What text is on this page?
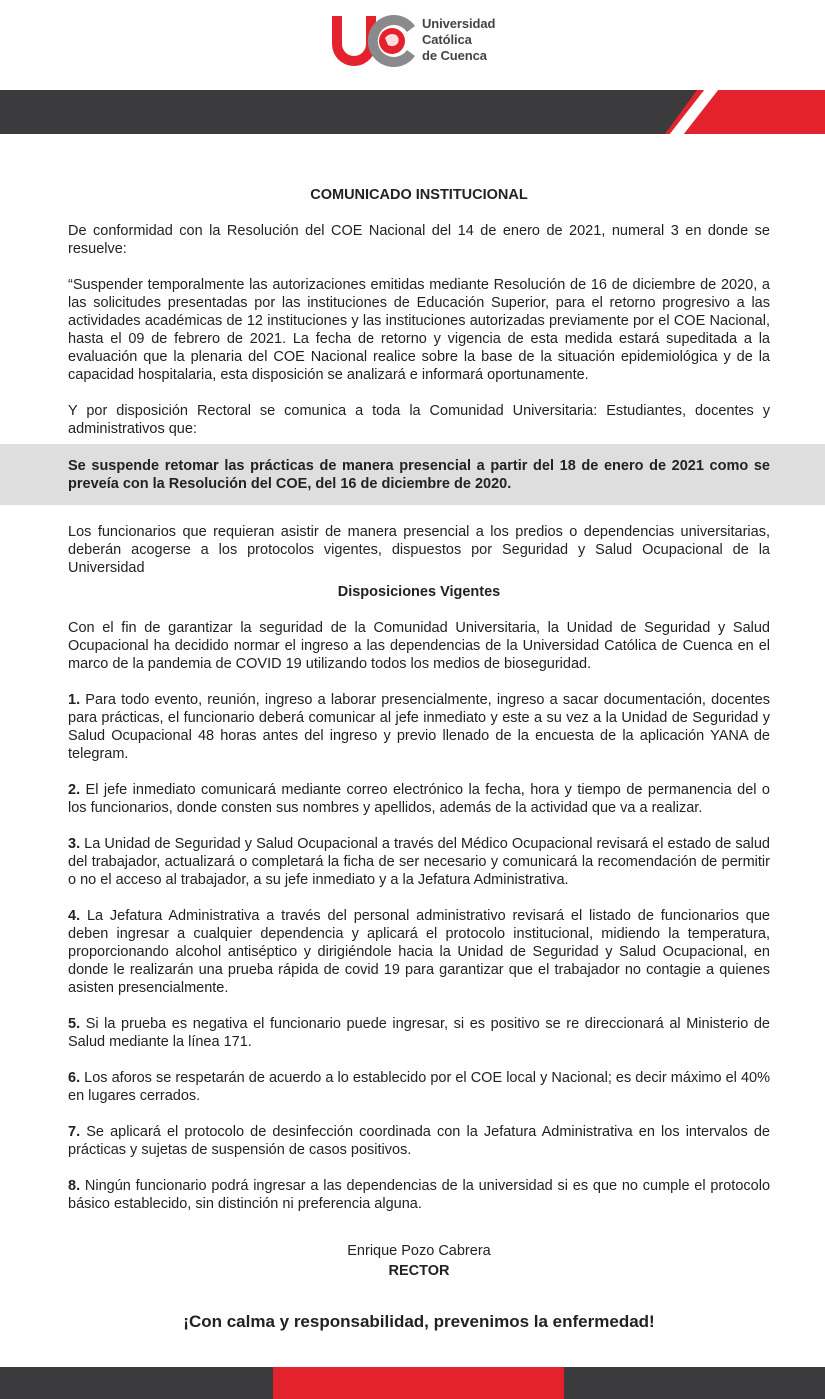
Universidad
Católica
de Cuenca

COMUNICADO INSTITUCIONAL

De conformidad con la Resolución del COE Nacional del 14 de enero de 2021, numeral 3 en donde se resuelve:

“Suspender temporalmente las autorizaciones emitidas mediante Resolución de 16 de diciembre de 2020, a las solicitudes presentadas por las instituciones de Educación Superior, para el retorno progresivo a las actividades académicas de 12 instituciones y las instituciones autorizadas previamente por el COE Nacional, hasta el 09 de febrero de 2021. La fecha de retorno y vigencia de esta medida estará supeditada a la evaluación que la plenaria del COE Nacional realice sobre la base de la situación epidemiológica y de la capacidad hospitalaria, esta disposición se analizará e informará oportunamente.

Y por disposición Rectoral se comunica a toda la Comunidad Universitaria: Estudiantes, docentes y administrativos que:

Se suspende retomar las prácticas de manera presencial a partir del 18 de enero de 2021 como se preveía con la Resolución del COE, del 16 de diciembre de 2020.

Los funcionarios que requieran asistir de manera presencial a los predios o dependencias universitarias, deberán acogerse a los protocolos vigentes, dispuestos por Seguridad y Salud Ocupacional de la Universidad

Disposiciones Vigentes

Con el fin de garantizar la seguridad de la Comunidad Universitaria, la Unidad de Seguridad y Salud Ocupacional ha decidido normar el ingreso a las dependencias de la Universidad Católica de Cuenca en el marco de la pandemia de COVID 19 utilizando todos los medios de bioseguridad.

1. Para todo evento, reunión, ingreso a laborar presencialmente, ingreso a sacar documentación, docentes para prácticas, el funcionario deberá comunicar al jefe inmediato y este a su vez a la Unidad de Seguridad y Salud Ocupacional 48 horas antes del ingreso y previo llenado de la encuesta de la aplicación YANA de telegram.

2. El jefe inmediato comunicará mediante correo electrónico la fecha, hora y tiempo de permanencia del o los funcionarios, donde consten sus nombres y apellidos, además de la actividad que va a realizar.

3. La Unidad de Seguridad y Salud Ocupacional a través del Médico Ocupacional revisará el estado de salud del trabajador, actualizará o completará la ficha de ser necesario y comunicará la recomendación de permitir o no el acceso al trabajador, a su jefe inmediato y a la Jefatura Administrativa.

4. La Jefatura Administrativa a través del personal administrativo revisará el listado de funcionarios que deben ingresar a cualquier dependencia y aplicará el protocolo institucional, midiendo la temperatura, proporcionando alcohol antiséptico y dirigiéndole hacia la Unidad de Seguridad y Salud Ocupacional, en donde le realizarán una prueba rápida de covid 19 para garantizar que el trabajador no contagie a quienes asisten presencialmente.

5. Si la prueba es negativa el funcionario puede ingresar, si es positivo se re direccionará al Ministerio de Salud mediante la línea 171.

6. Los aforos se respetarán de acuerdo a lo establecido por el COE local y Nacional; es decir máximo el 40% en lugares cerrados.

7. Se aplicará el protocolo de desinfección coordinada con la Jefatura Administrativa en los intervalos de prácticas y sujetas de suspensión de casos positivos.

8. Ningún funcionario podrá ingresar a las dependencias de la universidad si es que no cumple el protocolo básico establecido, sin distinción ni preferencia alguna.

Enrique Pozo Cabrera
RECTOR
¡Con calma y responsabilidad, prevenimos la enfermedad!
